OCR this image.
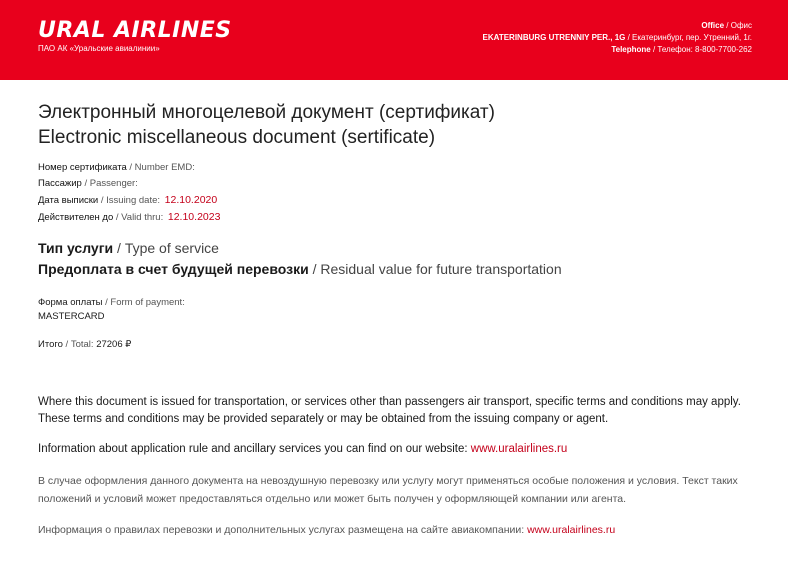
URAL AIRLINES
ПАО АК «Уральские авиалинии»
Office / Офис
EKATERINBURG UTRENNIY PER., 1G / Екатеринбург, пер. Утренний, 1г.
Telephone / Телефон: 8-800-7700-262
Электронный многоцелевой документ (сертификат)
Electronic miscellaneous document (sertificate)
Номер сертификата / Number EMD:
Пассажир / Passenger:
Дата выписки / Issuing date: 12.10.2020
Действителен до / Valid thru: 12.10.2023
Тип услуги / Type of service
Предоплата в счет будущей перевозки / Residual value for future transportation
Форма оплаты / Form of payment:
MASTERCARD
Итого / Total: 27206 ₽

Where this document is issued for transportation, or services other than passengers air transport, specific terms and conditions may apply. These terms and conditions may be provided separately or may be obtained from the issuing company or agent.

Information about application rule and ancillary services you can find on our website: www.uralairlines.ru

В случае оформления данного документа на невоздушную перевозку или услугу могут применяться особые положения и условия. Текст таких положений и условий может предоставляться отдельно или может быть получен у оформляющей компании или агента.

Информация о правилах перевозки и дополнительных услугах размещена на сайте авиакомпании: www.uralairlines.ru
